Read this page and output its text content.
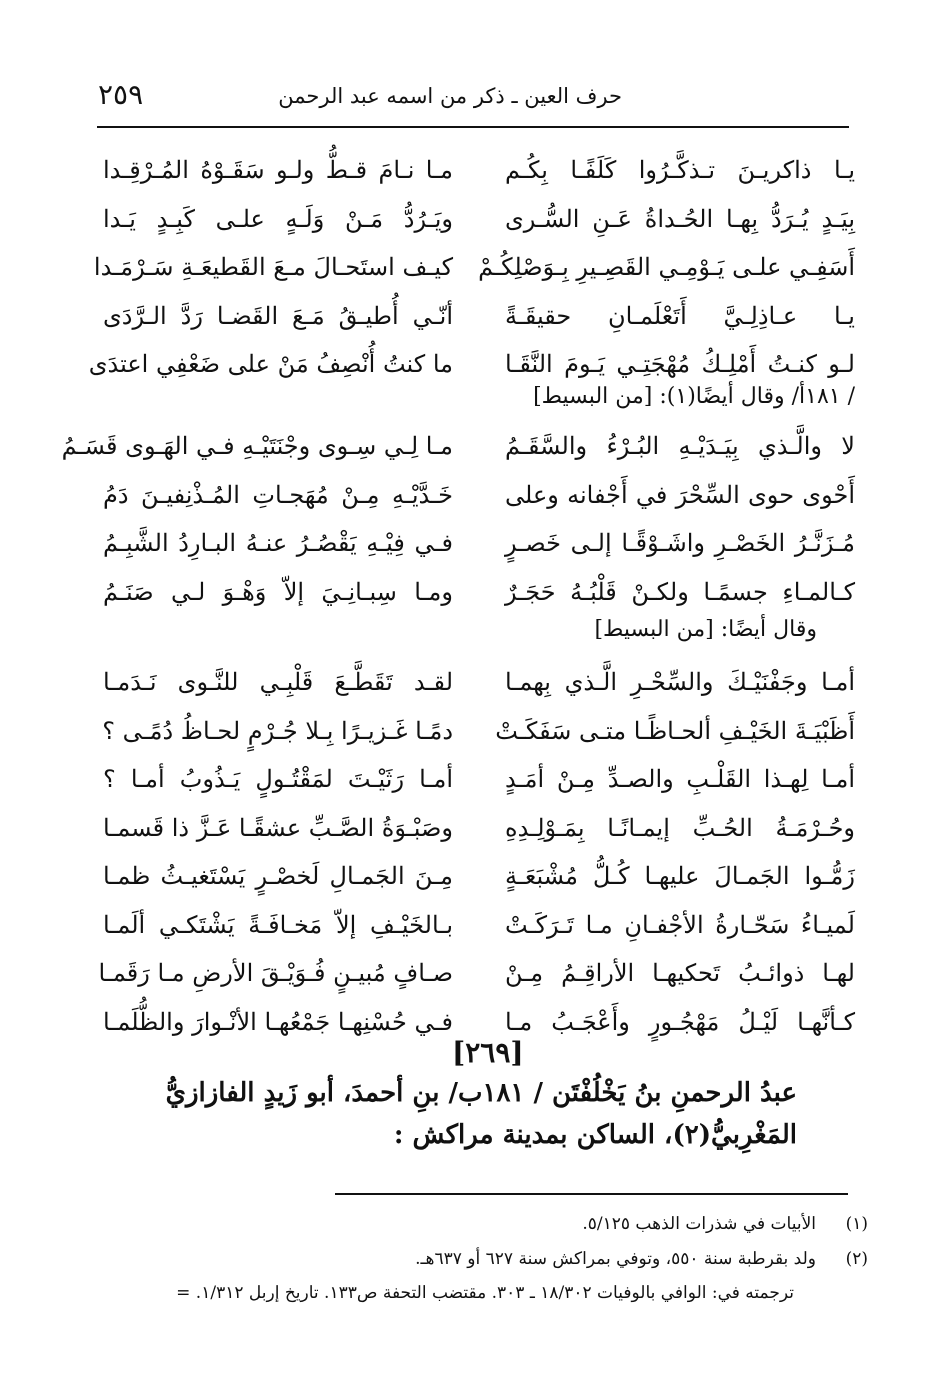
٢٥٩	حرف العين ـ ذكر من اسمه عبد الرحمن
يـا ذاكريـنَ تـذكَّـرُوا كَلَفًـا بِكُـم
مـا نـامَ قـطُّ ولـو سَقَـوْهُ المُـرْقِـدا
بِيَـدٍ يُـرَدُّ بِهـا الحُـداةُ عَـنِ السُّـرى
ويَـرُدُّ مَـنْ وَلَـهٍ علـى كَبِـدٍ يَـدا
أَسَفِـي علـى يَـوْمِـي القَصِـيرِ بِـوَصْلِكُـمْ
كيـف استَحـالَ مـعَ القَطيعَـةِ سَـرْمَـدا
يـا عـاذِلِـيَّ أَتَعْلَمـانِ حقيقَـةً
أنّـي أُطيـقُ مَـعَ القَضـا رَدَّ الـرَّدَى
لـو كنـتُ أَمْلِـكُ مُهْجَتِـي يَـومَ النَّقَـا
ما كنتُ أُنْصِفُ مَنْ على ضَعْفِي اعتدَى
/ ١٨١أ/ وقال أيضًا(١): [من البسيط]
لا والَّـذي بِيَـدَيْـهِ البُـرْءُ والسَّقَـمُ
مـا لِـي سِـوى وجْنَتَيْـهِ فـي الهَـوى قَسَـمُ
أَحْوى حوى السِّحْرَ في أَجْفانه وعلى
خَـدَّيْـهِ مِـنْ مُهَجـاتِ المُـذْنِفيـنَ دَمُ
مُـزَنَّـرُ الخَصْـرِ واشَـوْقًـا إلـى خَصـرٍ
فـي فِيْـهِ يَقْصُـرُ عنـهُ البـارِدُ الشَّبِـمُ
كـالمـاءِ جسمًـا ولكـنْ قَلْبُـهُ حَجَـرٌ
ومـا سِبـانِـيَ إلاّ وَهْـوَ لـي صَنَـمُ
وقال أيضًا: [من البسيط]
أمـا وجَفْنَيْـكَ والسِّحْـرِ الَّـذي بِهمـا
لقـد تَقَطَّـعَ قَلْبِـي للنَّـوى نَـدَمـا
أَظَبْيَـةَ الخَيْـفِ ألحـاظًـا متـى سَفَكَـتْ
دمًـا غَـزيـرًا بِـلا جُـرْمٍ لحـاظُ دُمًـى ؟
أمـا لِهـذا القَلْـبِ والصـدِّ مِـنْ أمَـدٍ
أمـا رَثَيْـتَ لمَقْتُـولٍ يَـذُوبُ أمـا ؟
وحُـرْمَـةُ الحُـبِّ إيمـانًـا بِمَـوْلِـدِهِ
وصَبْـوَةُ الصَّـبِّ عشقًـا عَـزَّ ذا قَسمـا
زَمُّـوا الجَمـالَ عليهـا كُـلُّ مُشْبَعَـةٍ
مِـنَ الجَمـالِ لَخصْـرٍ يَسْتَغيـثُ ظمـا
لَميـاءُ سَحّـارةُ الأجْفـانِ مـا تَـرَكَـتْ
بـالخَيْـفِ إلاّ مَخـافَـةً يَشْتَكـي ألَمـا
لهـا ذوائـبُ تَحكيهـا الأراقِـمُ مِـنْ
صـافٍ مُبيـنٍ فُـوَيْـقَ الأرضِ مـا رَقَمـا
كـأنَّهـا لَيْـلُ مَهْجُـورٍ وأَعْجَـبُ مـا
فـي حُسْنِهـا جَمْعُهـا الأنْـوارَ والظُّلَمـا
[٢٦٩]
عبدُ الرحمنِ بنُ يَخْلُفْتَن / ١٨١ب/ بنِ أحمدَ، أبو زَيدٍ الفازازيُّ
المَغْرِبيُّ(٢)، الساكن بمدينة مراكش :
(١)
الأبيات في شذرات الذهب ٥/١٢٥.
(٢)
ولد بقرطبة سنة ٥٥٠، وتوفي بمراكش سنة ٦٢٧ أو ٦٣٧هـ.
ترجمته في: الوافي بالوفيات ١٨/٣٠٢ ـ ٣٠٣. مقتضب التحفة ص١٣٣. تاريخ إربل ١/٣١٢. =
